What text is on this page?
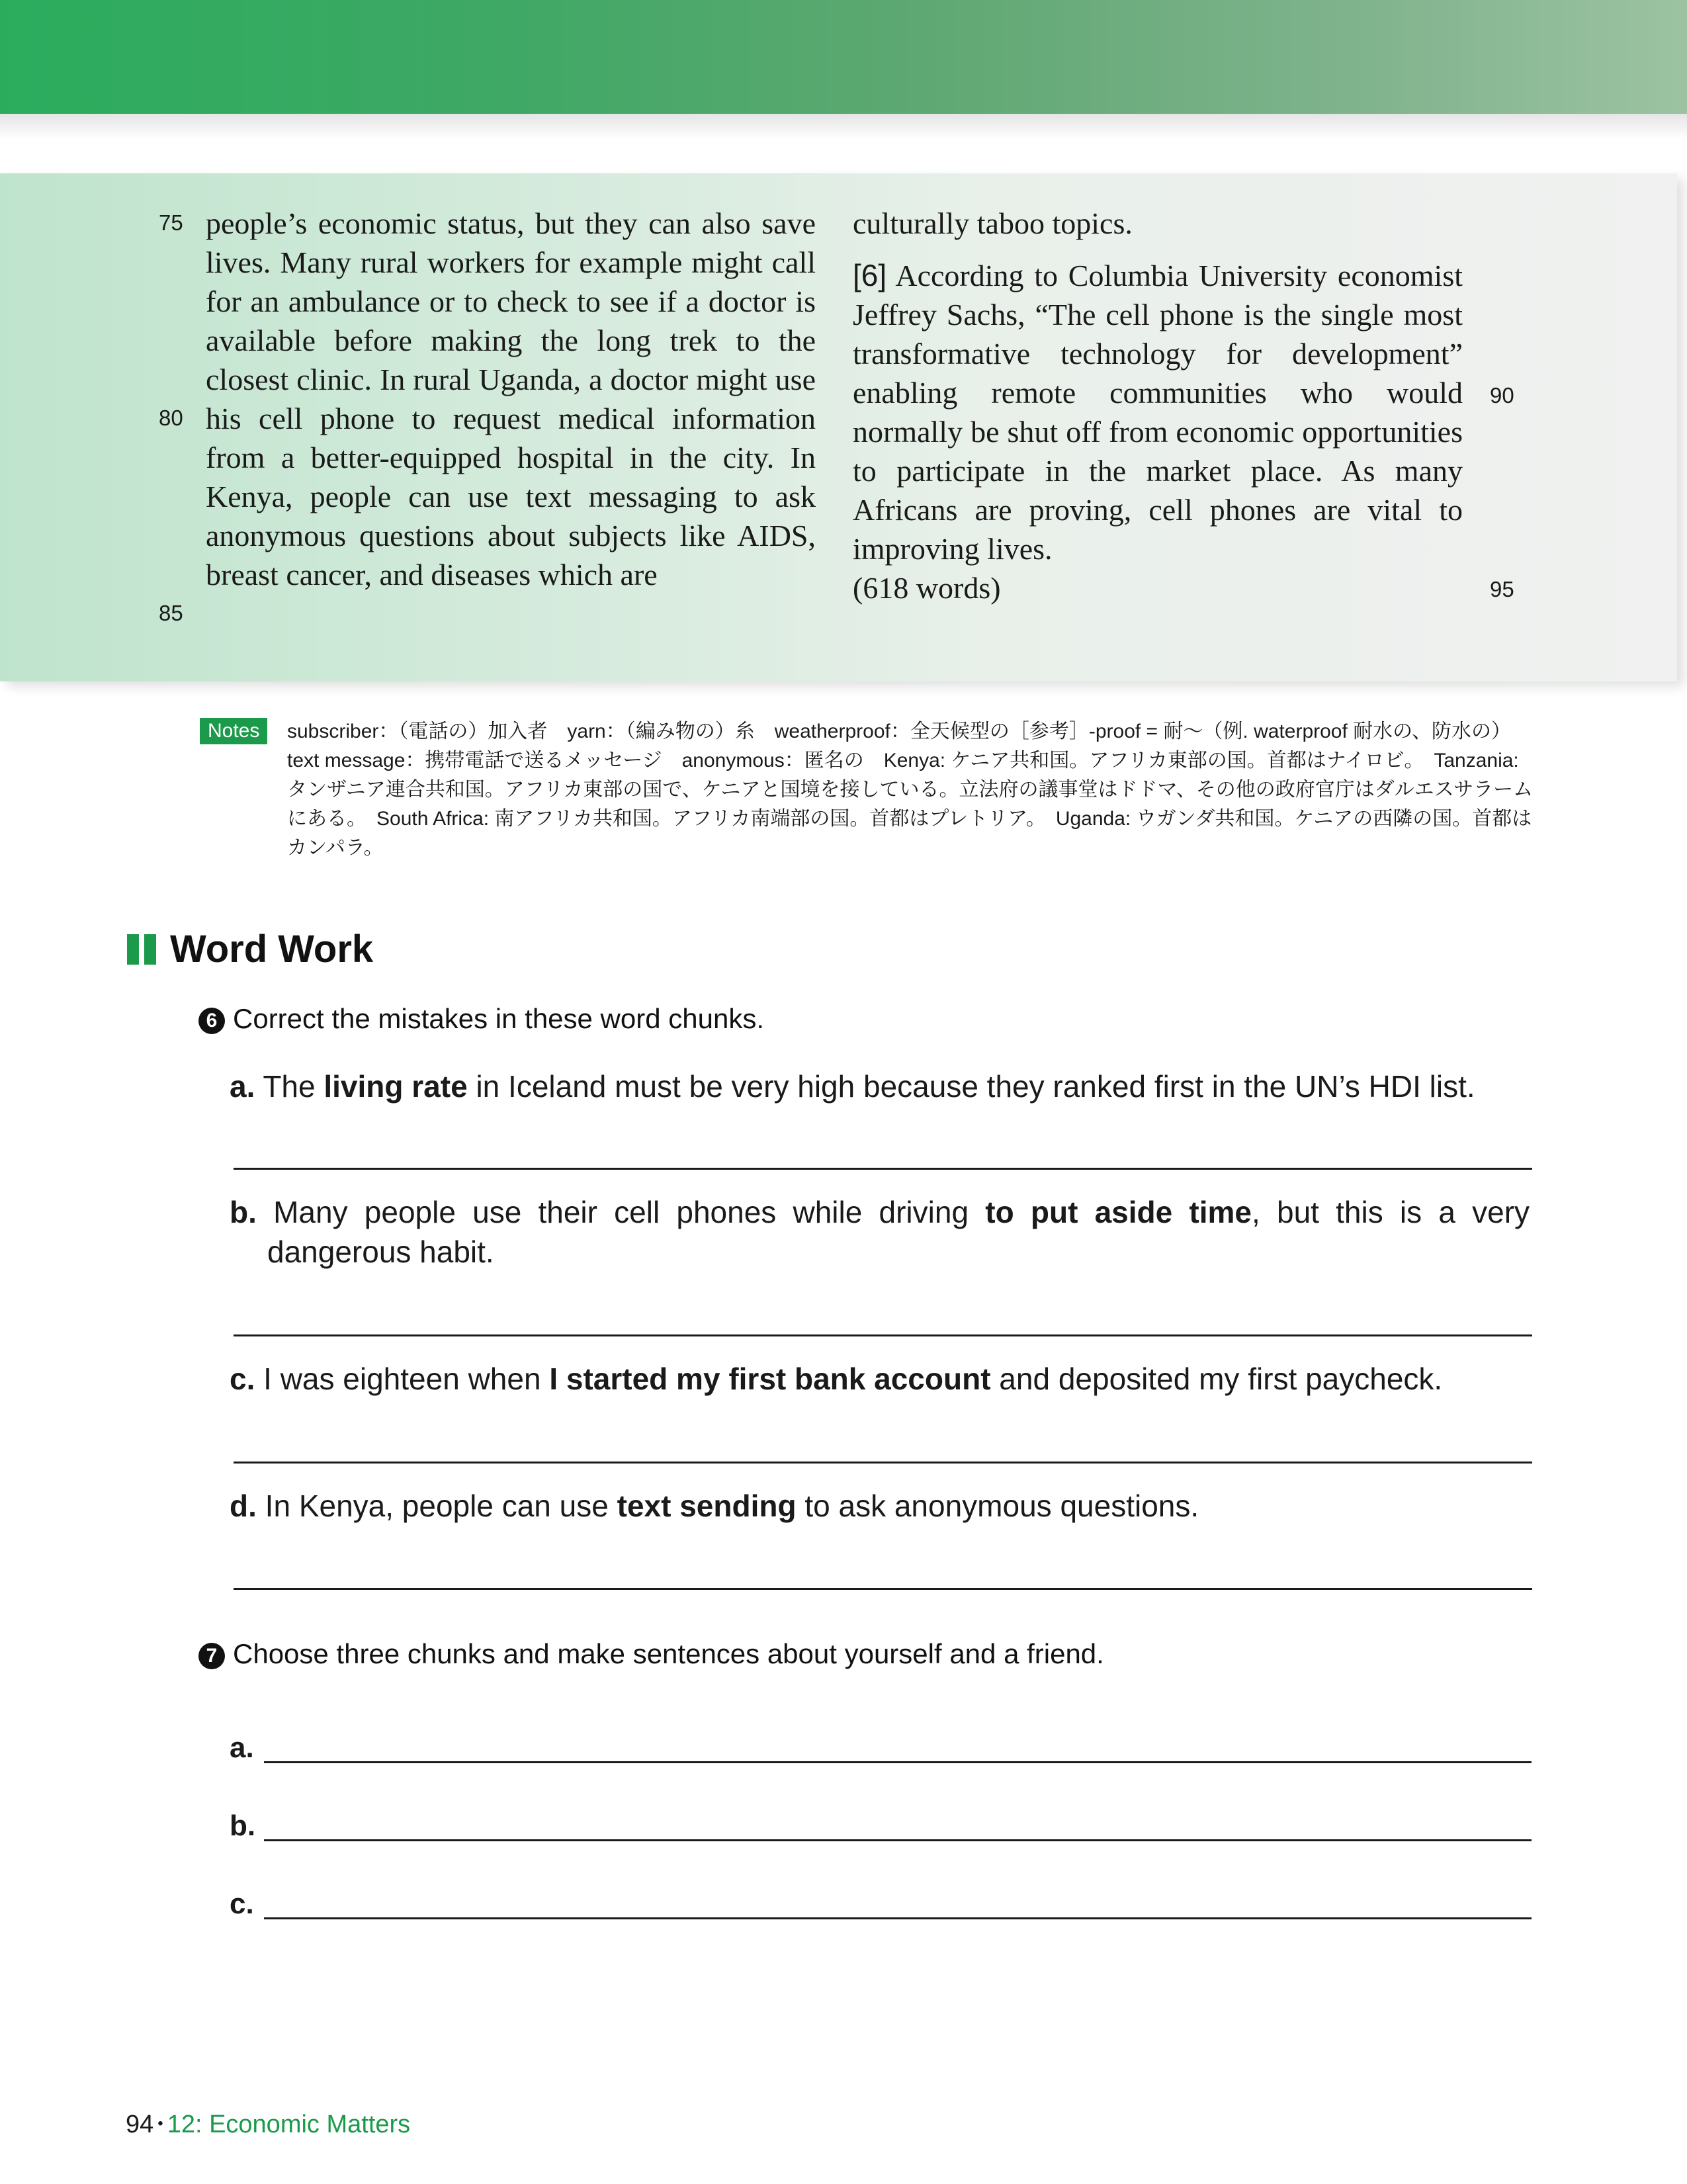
75
80
85
90
95

people’s economic status, but they can also save lives. Many rural workers for example might call for an ambulance or to check to see if a doctor is available before making the long trek to the closest clinic. In rural Uganda, a doctor might use his cell phone to request medical information from a better-equipped hospital in the city. In Kenya, people can use text messaging to ask anonymous questions about subjects like AIDS, breast cancer, and diseases which are

culturally taboo topics.

[6] According to Columbia University economist Jeffrey Sachs, “The cell phone is the single most transformative technology for development” enabling remote communities who would normally be shut off from economic opportunities to participate in the market place. As many Africans are proving, cell phones are vital to improving lives.

(618 words)

Notes	subscriber：（電話の）加入者　yarn：（編み物の）糸　weatherproof：全天候型の［参考］-proof = 耐〜（例. waterproof 耐水の、防水の）　text message：携帯電話で送るメッセージ　anonymous：匿名の　Kenya: ケニア共和国。アフリカ東部の国。首都はナイロビ。　Tanzania: タンザニア連合共和国。アフリカ東部の国で、ケニアと国境を接している。立法府の議事堂はドドマ、その他の政府官庁はダルエスサラームにある。　South Africa: 南アフリカ共和国。アフリカ南端部の国。首都はプレトリア。　Uganda: ウガンダ共和国。ケニアの西隣の国。首都はカンパラ。

Word Work
6 Correct the mistakes in these word chunks.

a. The living rate in Iceland must be very high because they ranked first in the UN’s HDI list.

b. Many people use their cell phones while driving to put aside time, but this is a very dangerous habit.

c. I was eighteen when I started my first bank account and deposited my first paycheck.

d. In Kenya, people can use text sending to ask anonymous questions.

7 Choose three chunks and make sentences about yourself and a friend.
a.
b.
c.
94 • 12: Economic Matters
